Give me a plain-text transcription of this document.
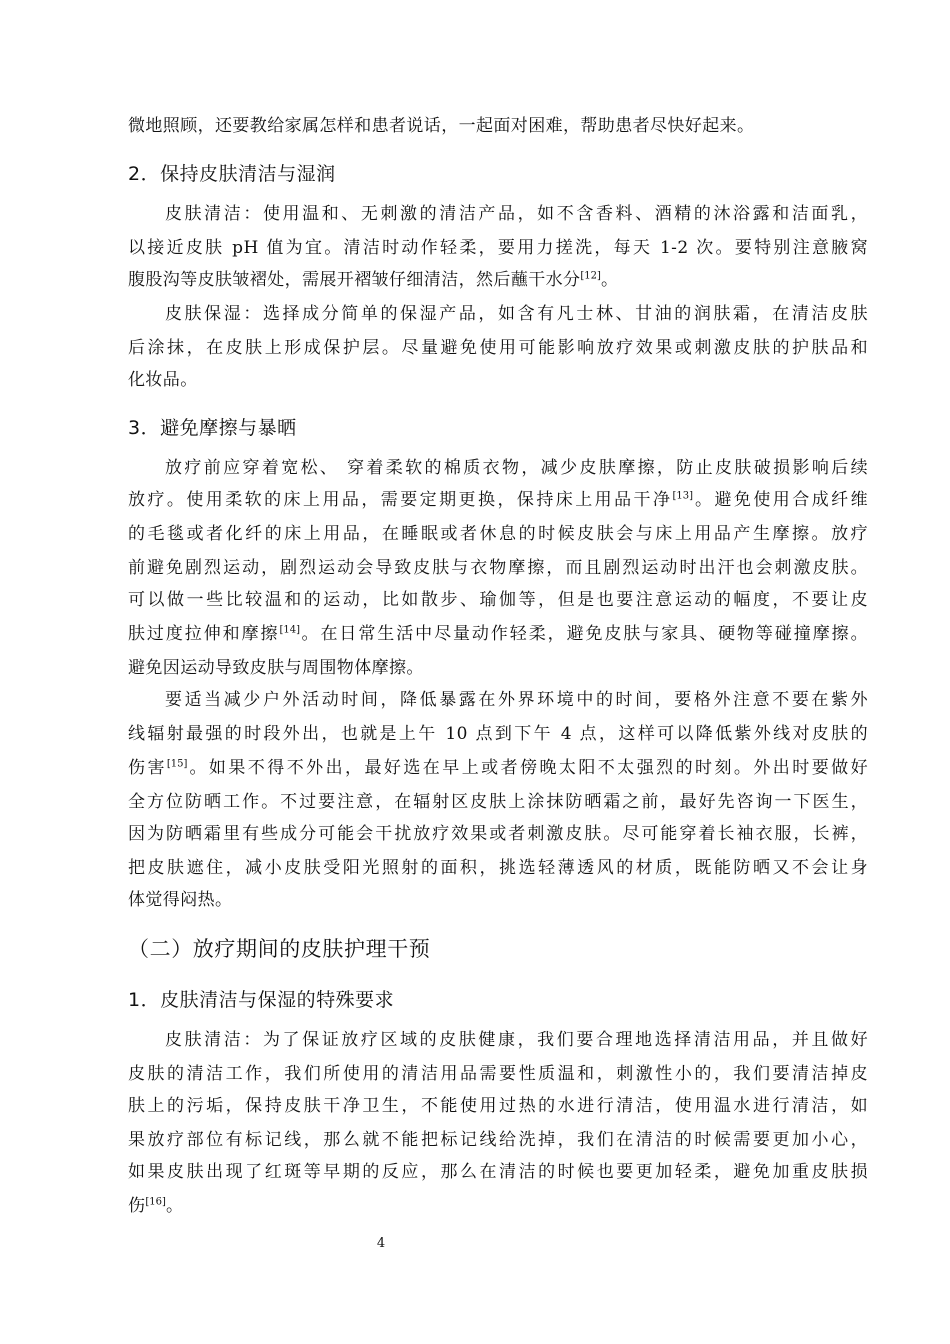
微地照顾，还要教给家属怎样和患者说话，一起面对困难，帮助患者尽快好起来。
2．保持皮肤清洁与湿润
皮肤清洁：使用温和、无刺激的清洁产品，如不含香料、酒精的沐浴露和洁面乳，
以接近皮肤 pH 值为宜。清洁时动作轻柔，要用力搓洗，每天 1-2 次。要特别注意腋窝
腹股沟等皮肤皱褶处，需展开褶皱仔细清洁，然后蘸干水分[12]。
皮肤保湿：选择成分简单的保湿产品，如含有凡士林、甘油的润肤霜，在清洁皮肤
后涂抹，在皮肤上形成保护层。尽量避免使用可能影响放疗效果或刺激皮肤的护肤品和
化妆品。
3．避免摩擦与暴晒
放疗前应穿着宽松、 穿着柔软的棉质衣物，减少皮肤摩擦，防止皮肤破损影响后续
放疗。使用柔软的床上用品，需要定期更换，保持床上用品干净[13]。避免使用合成纤维
的毛毯或者化纤的床上用品，在睡眠或者休息的时候皮肤会与床上用品产生摩擦。放疗
前避免剧烈运动，剧烈运动会导致皮肤与衣物摩擦，而且剧烈运动时出汗也会刺激皮肤。
可以做一些比较温和的运动，比如散步、瑜伽等，但是也要注意运动的幅度，不要让皮
肤过度拉伸和摩擦[14]。在日常生活中尽量动作轻柔，避免皮肤与家具、硬物等碰撞摩擦。
避免因运动导致皮肤与周围物体摩擦。
要适当减少户外活动时间，降低暴露在外界环境中的时间，要格外注意不要在紫外
线辐射最强的时段外出，也就是上午 10 点到下午 4 点，这样可以降低紫外线对皮肤的
伤害[15]。如果不得不外出，最好选在早上或者傍晚太阳不太强烈的时刻。外出时要做好
全方位防晒工作。不过要注意，在辐射区皮肤上涂抹防晒霜之前，最好先咨询一下医生，
因为防晒霜里有些成分可能会干扰放疗效果或者刺激皮肤。尽可能穿着长袖衣服，长裤，
把皮肤遮住，减小皮肤受阳光照射的面积，挑选轻薄透风的材质，既能防晒又不会让身
体觉得闷热。
（二）放疗期间的皮肤护理干预
1．皮肤清洁与保湿的特殊要求
皮肤清洁：为了保证放疗区域的皮肤健康，我们要合理地选择清洁用品，并且做好
皮肤的清洁工作，我们所使用的清洁用品需要性质温和，刺激性小的，我们要清洁掉皮
肤上的污垢，保持皮肤干净卫生，不能使用过热的水进行清洁，使用温水进行清洁，如
果放疗部位有标记线，那么就不能把标记线给洗掉，我们在清洁的时候需要更加小心，
如果皮肤出现了红斑等早期的反应，那么在清洁的时候也要更加轻柔，避免加重皮肤损
伤[16]。
4
